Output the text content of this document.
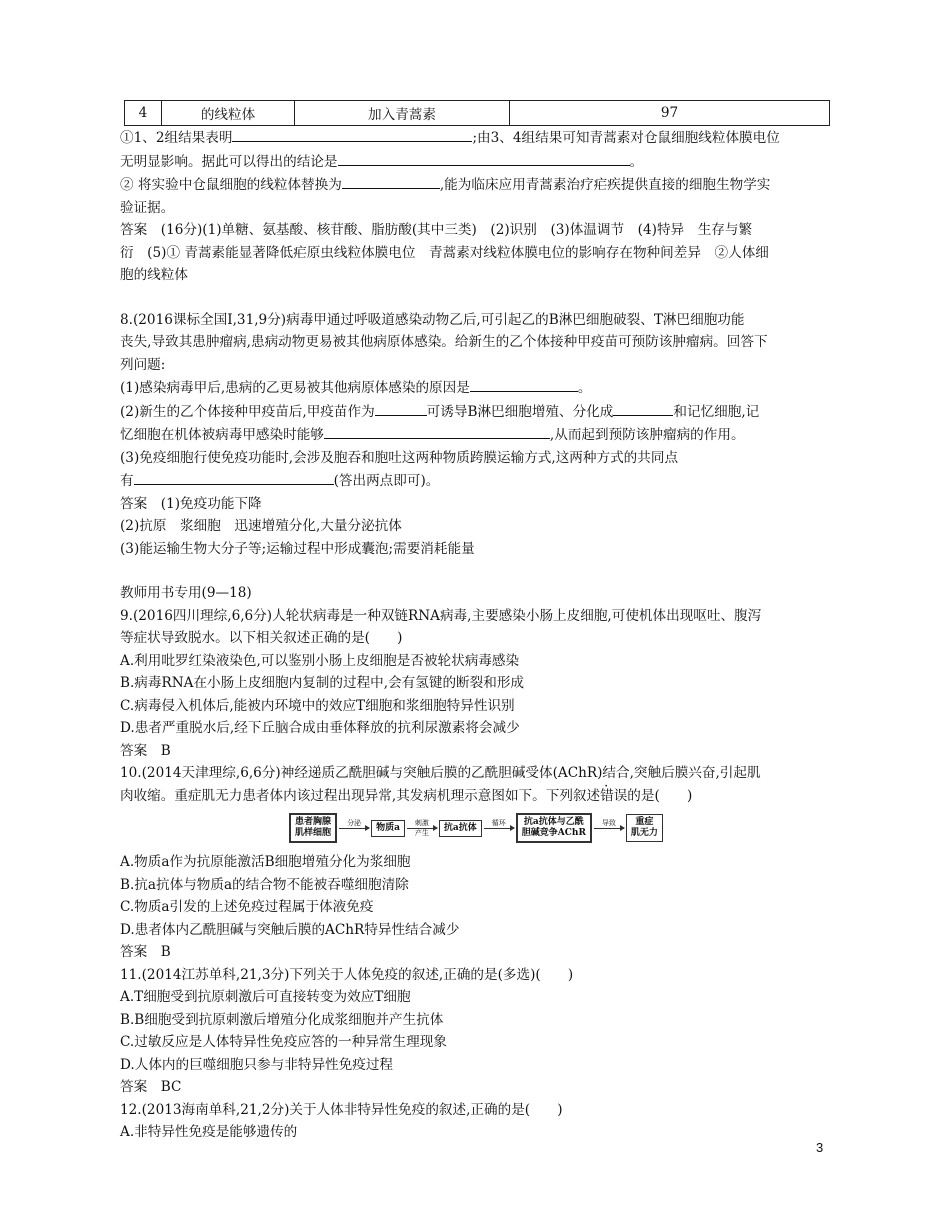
4	的线粒体	加入青蒿素	97
①1、2组结果表明	;由3、4组结果可知青蒿素对仓鼠细胞线粒体膜电位
无明显影响。据此可以得出的结论是	。
② 将实验中仓鼠细胞的线粒体替换为	,能为临床应用青蒿素治疗疟疾提供直接的细胞生物学实
验证据。
答案　(16分)(1)单糖、氨基酸、核苷酸、脂肪酸(其中三类)　(2)识别　(3)体温调节　(4)特异　生存与繁
衍　(5)① 青蒿素能显著降低疟原虫线粒体膜电位　青蒿素对线粒体膜电位的影响存在物种间差异　②人体细
胞的线粒体
8.(2016课标全国Ⅰ,31,9分)病毒甲通过呼吸道感染动物乙后,可引起乙的B淋巴细胞破裂、T淋巴细胞功能
丧失,导致其患肿瘤病,患病动物更易被其他病原体感染。给新生的乙个体接种甲疫苗可预防该肿瘤病。回答下
列问题:
(1)感染病毒甲后,患病的乙更易被其他病原体感染的原因是	。
(2)新生的乙个体接种甲疫苗后,甲疫苗作为	可诱导B淋巴细胞增殖、分化成	和记忆细胞,记
忆细胞在机体被病毒甲感染时能够	,从而起到预防该肿瘤病的作用。
(3)免疫细胞行使免疫功能时,会涉及胞吞和胞吐这两种物质跨膜运输方式,这两种方式的共同点
有	(答出两点即可)。
答案　(1)免疫功能下降
(2)抗原　浆细胞　迅速增殖分化,大量分泌抗体
(3)能运输生物大分子等;运输过程中形成囊泡;需要消耗能量
教师用书专用(9—18)
9.(2016四川理综,6,6分)人轮状病毒是一种双链RNA病毒,主要感染小肠上皮细胞,可使机体出现呕吐、腹泻
等症状导致脱水。以下相关叙述正确的是(　　)
A.利用吡罗红染液染色,可以鉴别小肠上皮细胞是否被轮状病毒感染
B.病毒RNA在小肠上皮细胞内复制的过程中,会有氢键的断裂和形成
C.病毒侵入机体后,能被内环境中的效应T细胞和浆细胞特异性识别
D.患者严重脱水后,经下丘脑合成由垂体释放的抗利尿激素将会减少
答案　B
10.(2014天津理综,6,6分)神经递质乙酰胆碱与突触后膜的乙酰胆碱受体(AChR)结合,突触后膜兴奋,引起肌
肉收缩。重症肌无力患者体内该过程出现异常,其发病机理示意图如下。下列叙述错误的是(　　)
患者胸腺
肌样细胞
分泌
	物质a	刺激
产生
抗a抗体	循环
	抗a抗体与乙酰
胆碱竞争AChR
导致
	重症
肌无力
A.物质a作为抗原能激活B细胞增殖分化为浆细胞
B.抗a抗体与物质a的结合物不能被吞噬细胞清除
C.物质a引发的上述免疫过程属于体液免疫
D.患者体内乙酰胆碱与突触后膜的AChR特异性结合减少
答案　B
11.(2014江苏单科,21,3分)下列关于人体免疫的叙述,正确的是(多选)(　　)
A.T细胞受到抗原刺激后可直接转变为效应T细胞
B.B细胞受到抗原刺激后增殖分化成浆细胞并产生抗体
C.过敏反应是人体特异性免疫应答的一种异常生理现象
D.人体内的巨噬细胞只参与非特异性免疫过程
答案　BC
12.(2013海南单科,21,2分)关于人体非特异性免疫的叙述,正确的是(　　)
A.非特异性免疫是能够遗传的
3
